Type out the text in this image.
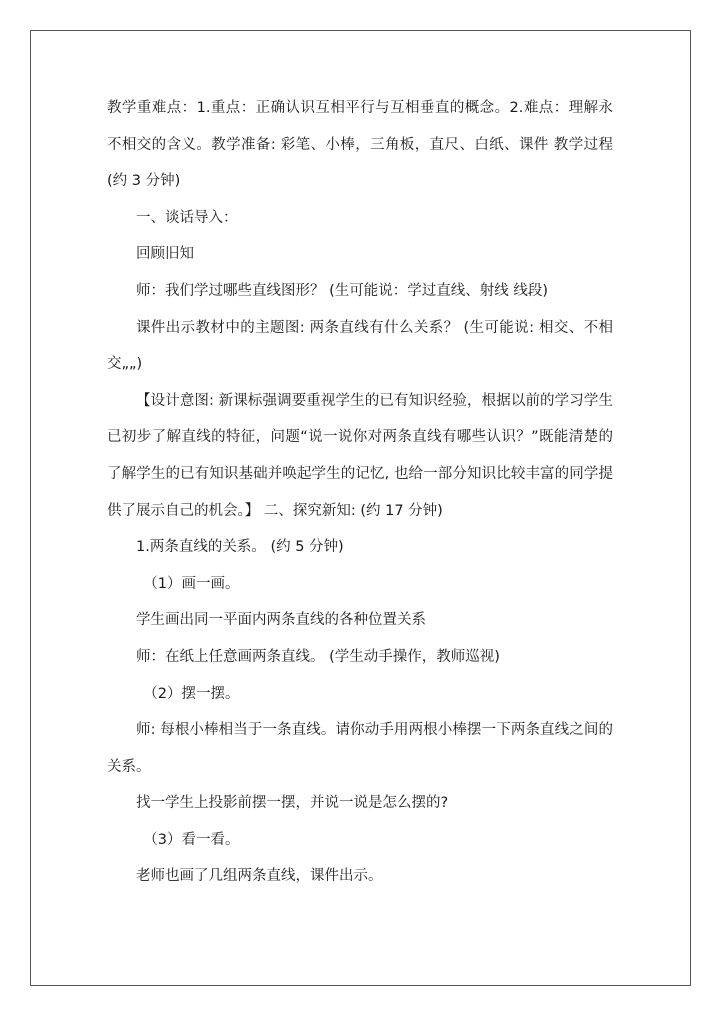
教学重难点：1.重点：正确认识互相平行与互相垂直的概念。2.难点：理解永不相交的含义。教学准备: 彩笔、小棒，三角板，直尺、白纸、课件 教学过程 (约 3 分钟)

一、谈话导入：

回顾旧知

师：我们学过哪些直线图形？ (生可能说：学过直线、射线 线段)

课件出示教材中的主题图: 两条直线有什么关系？ (生可能说: 相交、不相交„„)

【设计意图: 新课标强调要重视学生的已有知识经验，根据以前的学习学生已初步了解直线的特征，问题“说一说你对两条直线有哪些认识？”既能清楚的了解学生的已有知识基础并唤起学生的记忆, 也给一部分知识比较丰富的同学提供了展示自己的机会。】 二、探究新知: (约 17 分钟)

1.两条直线的关系。 (约 5 分钟)

（1）画一画。

学生画出同一平面内两条直线的各种位置关系

师：在纸上任意画两条直线。 (学生动手操作，教师巡视)

（2）摆一摆。

师: 每根小棒相当于一条直线。请你动手用两根小棒摆一下两条直线之间的关系。

找一学生上投影前摆一摆，并说一说是怎么摆的?

（3）看一看。

老师也画了几组两条直线，课件出示。
